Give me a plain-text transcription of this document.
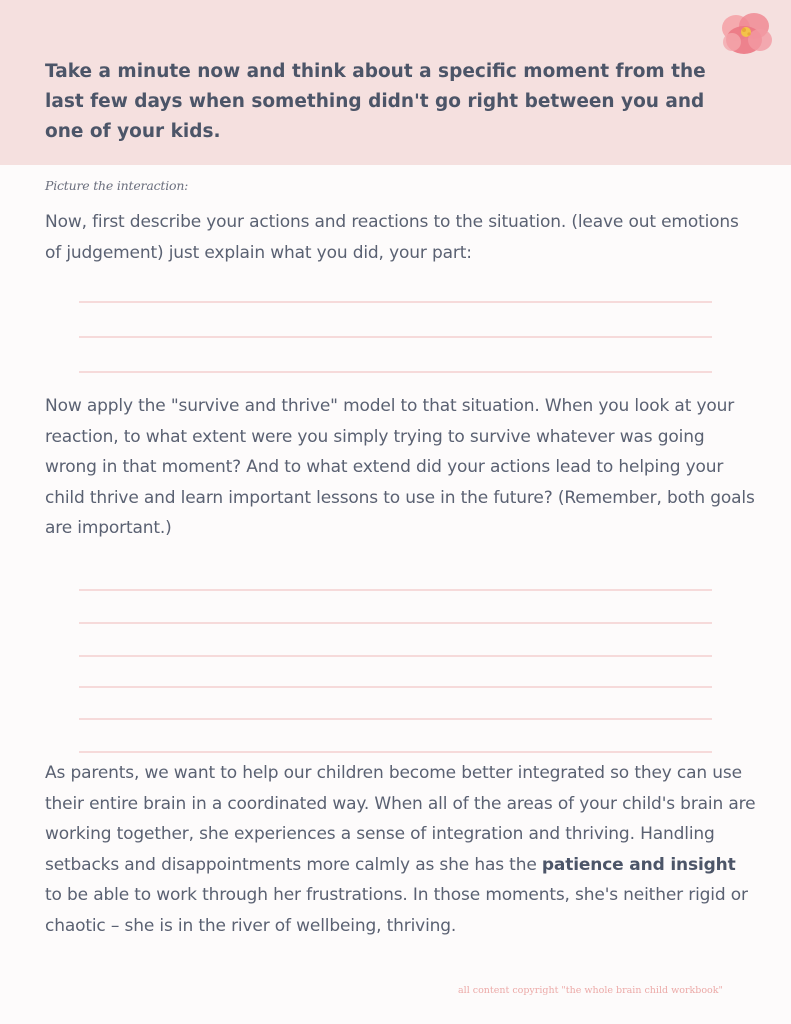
Take a minute now and think about a specific moment from the last few days when something didn't go right between you and one of your kids.

Picture the interaction:

Now, first describe your actions and reactions to the situation. (leave out emotions of judgement) just explain what you did, your part:

Now apply the "survive and thrive" model to that situation. When you look at your reaction, to what extent were you simply trying to survive whatever was going wrong in that moment? And to what extend did your actions lead to helping your child thrive and learn important lessons to use in the future? (Remember, both goals are important.)

As parents, we want to help our children become better integrated so they can use their entire brain in a coordinated way. When all of the areas of your child's brain are working together, she experiences a sense of integration and thriving. Handling setbacks and disappointments more calmly as she has the patience and insight  to be able to work through her frustrations. In those moments, she's neither rigid or chaotic – she is in the river of wellbeing, thriving.

all content copyright "the whole brain child workbook"
